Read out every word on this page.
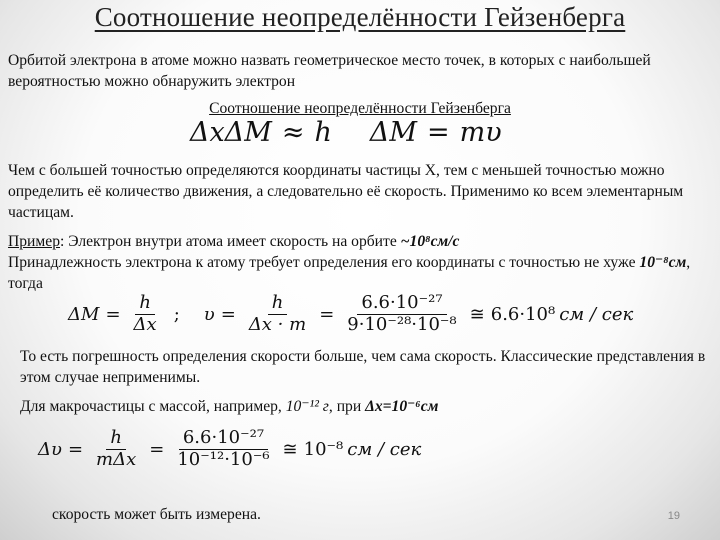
Соотношение неопределённости Гейзенберга
Орбитой электрона в атоме можно назвать геометрическое место точек, в которых с наибольшей вероятностью можно обнаружить электрон
Соотношение неопределённости Гейзенберга
ΔxΔM ≈ h ΔM = mυ
Чем с большей точностью определяются координаты частицы X, тем с меньшей точностью можно определить её количество движения, а следовательно её скорость. Применимо ко всем элементарным частицам.
Пример: Электрон внутри атома имеет скорость на орбите ~10⁸см/с
Принадлежность электрона к атому требует определения его координаты с точностью не хуже 10⁻⁸см, тогда
$\Delta M = \frac{h}{\Delta x}$ ; $\upsilon = \frac{h}{\Delta x \cdot m} = \frac{\text{6.6·10⁻²⁷}}{\text{9·10⁻²⁸·10⁻⁸}}$ ≅ 6.6·10⁸ см / сек
То есть погрешность определения скорости больше, чем сама скорость. Классические представления в этом случае неприменимы.
Для макрочастицы с массой, например, 10⁻¹² г, при Δx=10⁻⁶см
$\Delta\upsilon = \frac{h}{\text{mΔx}} = \frac{\text{6.6·10⁻²⁷}}{\text{10⁻¹²·10⁻⁶}}$ ≅ 10⁻⁸ см / сек
скорость может быть измерена.	19
